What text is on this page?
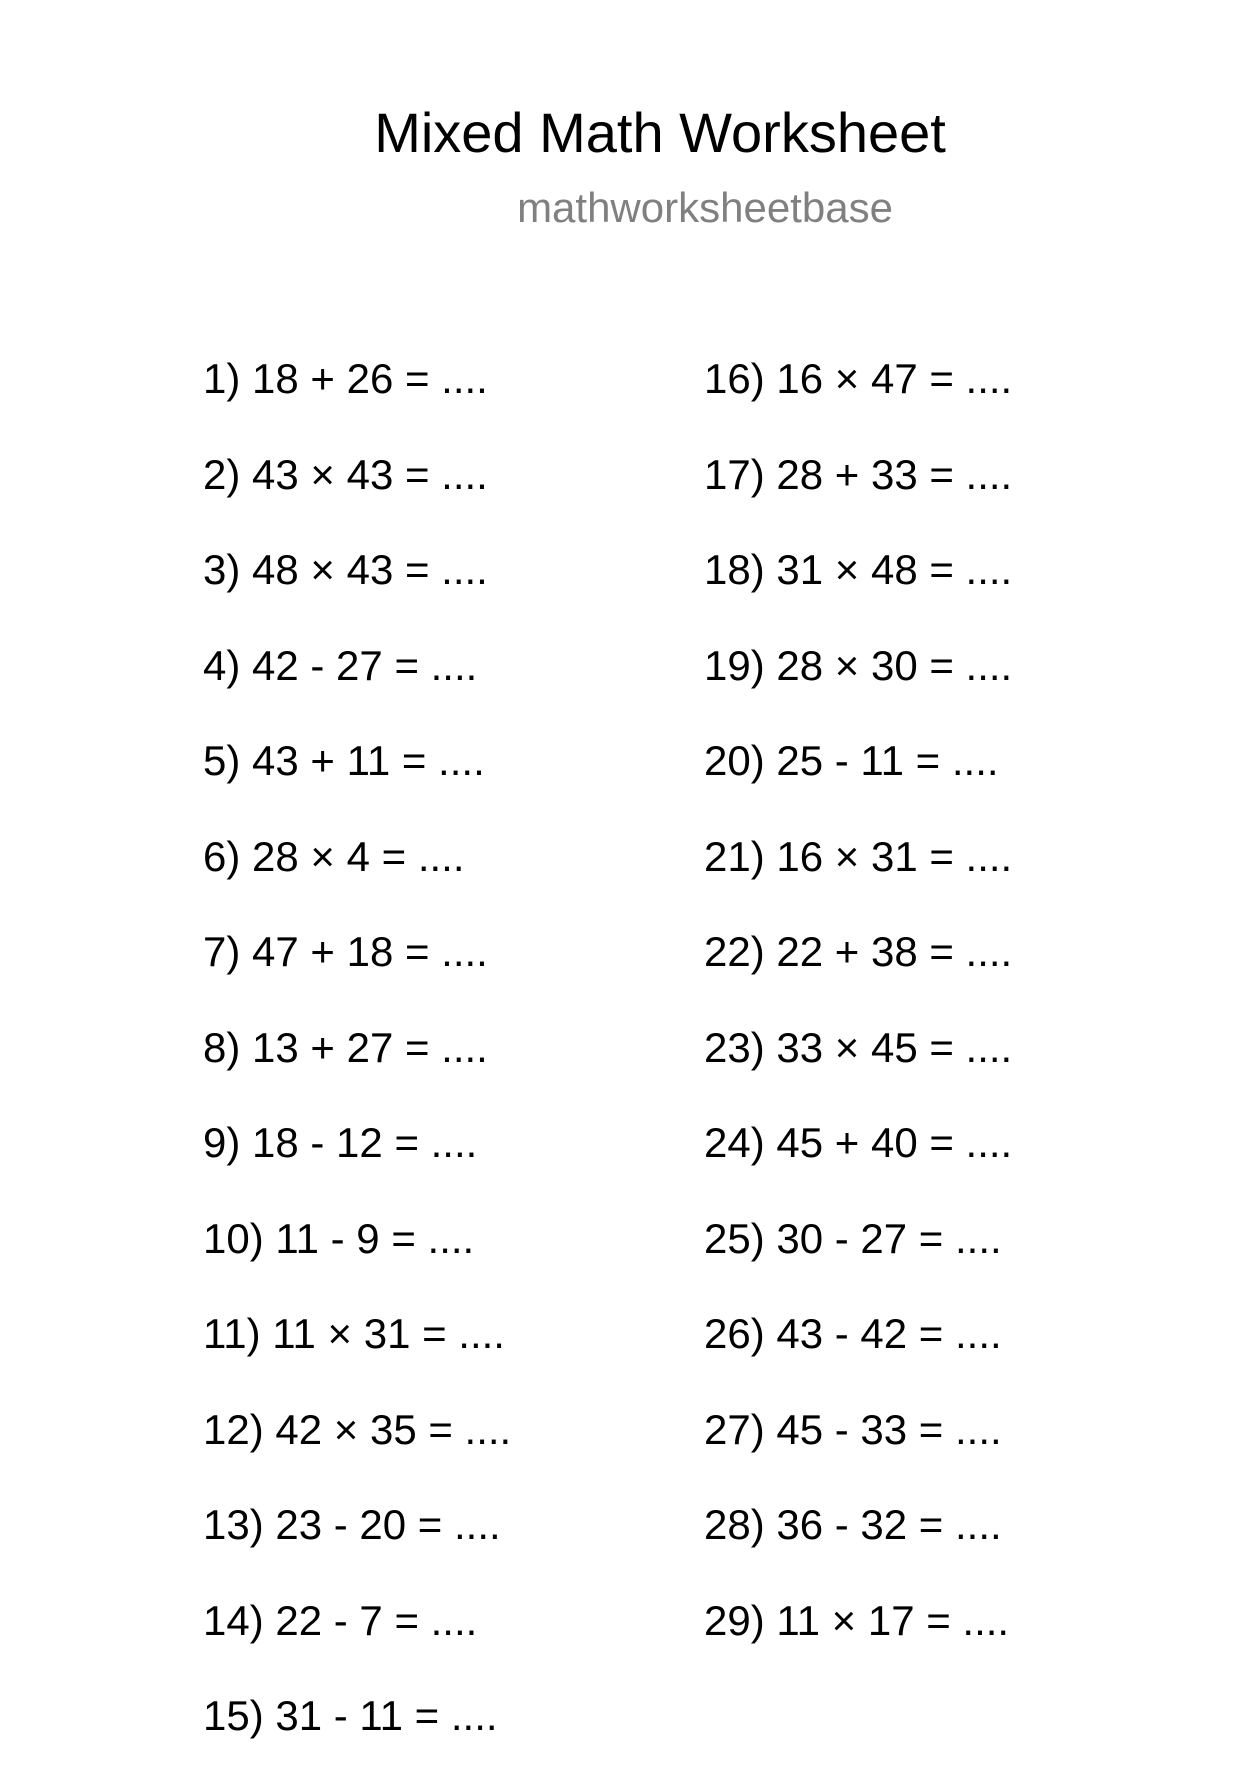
Mixed Math Worksheet
mathworksheetbase
1) 18 + 26 = ....
2) 43 × 43 = ....
3) 48 × 43 = ....
4) 42 - 27 = ....
5) 43 + 11 = ....
6) 28 × 4 = ....
7) 47 + 18 = ....
8) 13 + 27 = ....
9) 18 - 12 = ....
10) 11 - 9 = ....
11) 11 × 31 = ....
12) 42 × 35 = ....
13) 23 - 20 = ....
14) 22 - 7 = ....
15) 31 - 11 = ....
16) 16 × 47 = ....
17) 28 + 33 = ....
18) 31 × 48 = ....
19) 28 × 30 = ....
20) 25 - 11 = ....
21) 16 × 31 = ....
22) 22 + 38 = ....
23) 33 × 45 = ....
24) 45 + 40 = ....
25) 30 - 27 = ....
26) 43 - 42 = ....
27) 45 - 33 = ....
28) 36 - 32 = ....
29) 11 × 17 = ....
